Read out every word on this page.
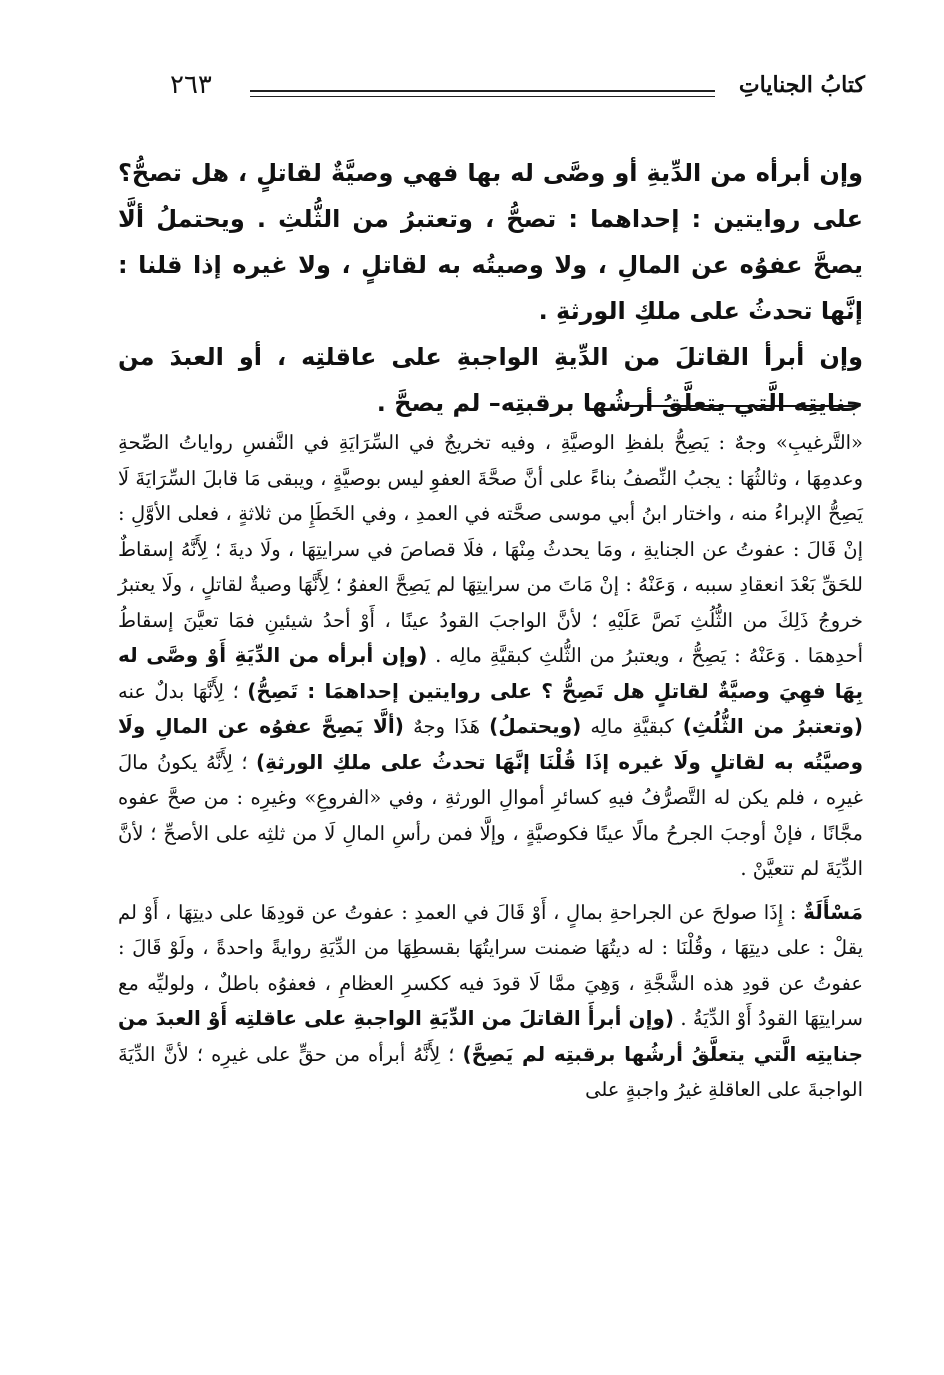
٢٦٣	كتابُ الجناياتِ

وإن أبرأه من الدِّيةِ أو وصَّى له بها فهي وصيَّةٌ لقاتلٍ ، هل تصحُّ؟ على روايتين : إحداهما : تصحُّ ، وتعتبرُ من الثُّلثِ . ويحتملُ ألَّا يصحَّ عفوُه عن المالِ ، ولا وصيتُه به لقاتلٍ ، ولا غيره إذا قلنا : إنَّها تحدثُ على ملكِ الورثةِ .

وإن أبرأ القاتلَ من الدِّيةِ الواجبةِ على عاقلتِه ، أو العبدَ من جنايتِه الَّتي يتعلَّقُ أرشُها برقبتِه– لم يصحَّ .

«التَّرغيبِ» وجهٌ : يَصِحُّ بلفظِ الوصيَّةِ ، وفيه تخريجٌ في السِّرَايَةِ في النَّفسِ رواياتُ الصِّحةِ وعدمِهَا ، وثالثُهَا : يجبُ النِّصفُ بناءً على أنَّ صحَّةَ العفوِ ليس بوصيَّةٍ ، ويبقى مَا قابلَ السِّرَايَةَ لَا يَصِحُّ الإبراءُ منه ، واختار ابنُ أبي موسى صحَّته في العمدِ ، وفي الخَطَإِ من ثلاثةٍ ، فعلى الأوَّلِ : إنْ قَالَ : عفوتُ عن الجنايةِ ، ومَا يحدثُ مِنْهَا ، فلَا قصاصَ في سرايتِهَا ، ولَا ديةَ ؛ لِأَنَّهُ إسقاطٌ للحَقِّ بَعْدَ انعقادِ سببه ، وَعَنْهُ : إنْ مَاتَ من سرايتِهَا لم يَصِحَّ العفوُ ؛ لِأَنَّهَا وصيةٌ لقاتلٍ ، ولَا يعتبرُ خروجُ ذَلِكَ من الثُّلُثِ نَصَّ عَلَيْهِ ؛ لأنَّ الواجبَ القودُ عينًا ، أَوْ أحدُ شيئينِ فمَا تعيَّنَ إسقاطُ أحدِهمَا . وَعَنْهُ : يَصِحُّ ، ويعتبرُ من الثُّلثِ كبقيَّةِ مالِه . (وإن أبرأه من الدِّيَةِ أَوْ وصَّى له بِهَا فهِيَ وصيَّةٌ لقاتلٍ هل تَصِحُّ ؟ على روايتين إحداهمَا : تَصِحُّ) ؛ لِأَنَّهَا بدلٌ عنه (وتعتبرُ من الثُّلُثِ) كبقيَّةِ مالِه (ويحتملُ) هَذَا وجهٌ (ألَّا يَصِحَّ عفوُه عن المالِ ولَا وصيَّتُه به لقاتلٍ ولَا غيره إذَا قُلْنَا إنَّهَا تحدثُ على ملكِ الورثةِ) ؛ لِأَنَّهُ يكونُ مالَ غيرِه ، فلم يكن له التَّصرُّفُ فيهِ كسائرِ أموالِ الورثةِ ، وفي «الفروعِ» وغيرِه : من صحَّ عفوه مجَّانًا ، فإنْ أوجبَ الجرحُ مالًا عينًا فكوصيَّةٍ ، وإلَّا فمن رأسِ المالِ لَا من ثلثِه على الأصحِّ ؛ لأنَّ الدِّيَةَ لم تتعيَّنْ .

مَسْأَلَةٌ : إِذَا صولحَ عن الجراحةِ بمالٍ ، أَوْ قَالَ في العمدِ : عفوتُ عن قودِهَا على ديتِهَا ، أَوْ لم يقلْ : على ديتِهَا ، وقُلْنَا : له ديتُهَا ضمنت سرايتُهَا بقسطِهَا من الدِّيَةِ روايةً واحدةً ، ولَوْ قَالَ : عفوتُ عن قودِ هذه الشَّجَّةِ ، وَهِيَ ممَّا لَا قودَ فيه ككسرِ العظامِ ، فعفوُه باطلٌ ، ولوليِّه مع سرايتِهَا القودُ أَوْ الدِّيَةُ . (وإن أبرأَ القاتلَ من الدِّيَةِ الواجبةِ على عاقلتِه أَوْ العبدَ من جنايتِه الَّتي يتعلَّقُ أرشُها برقبتِه لم يَصِحَّ) ؛ لِأَنَّهُ أبرأه من حقٍّ على غيرِه ؛ لأنَّ الدِّيَةَ الواجبةَ على العاقلةِ غيرُ واجبةٍ على
